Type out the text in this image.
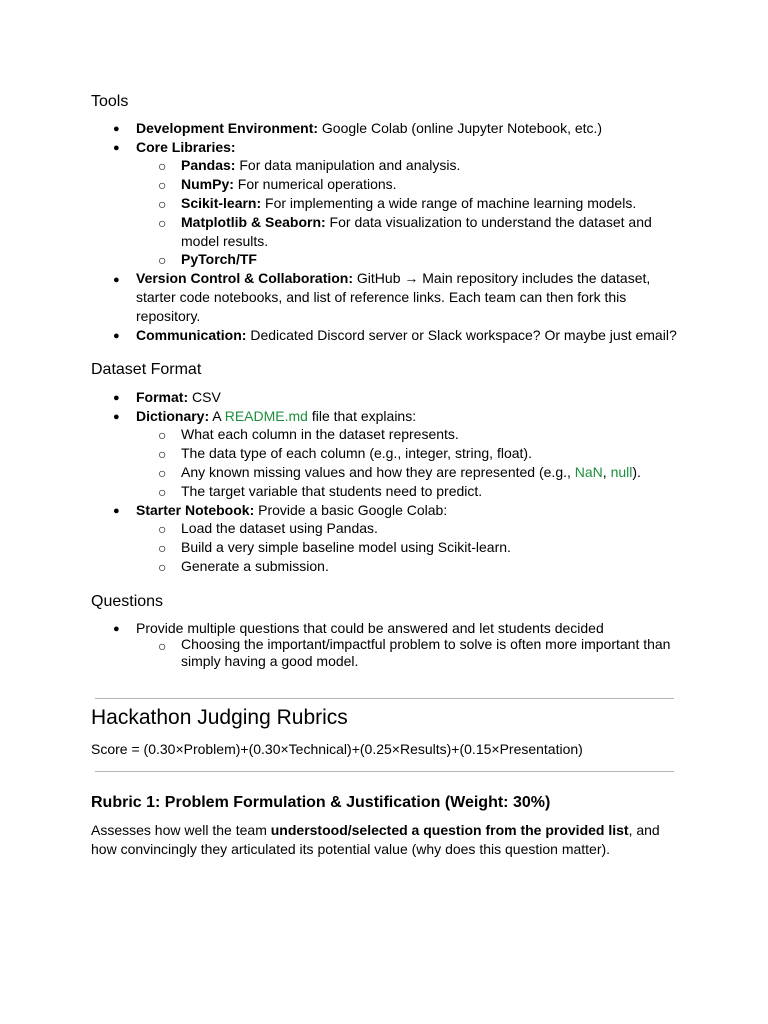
Tools
● Development Environment: Google Colab (online Jupyter Notebook, etc.)
● Core Libraries:
○ Pandas: For data manipulation and analysis.
○ NumPy: For numerical operations.
○ Scikit-learn: For implementing a wide range of machine learning models.
○ Matplotlib & Seaborn: For data visualization to understand the dataset and
model results.
○ PyTorch/TF
● Version Control & Collaboration: GitHub → Main repository includes the dataset,
starter code notebooks, and list of reference links. Each team can then fork this
repository.
● Communication: Dedicated Discord server or Slack workspace? Or maybe just email?
Dataset Format
● Format: CSV
● Dictionary: A README.md file that explains:
○ What each column in the dataset represents.
○ The data type of each column (e.g., integer, string, float).
○ Any known missing values and how they are represented (e.g., NaN, null).
○ The target variable that students need to predict.
● Starter Notebook: Provide a basic Google Colab:
○ Load the dataset using Pandas.
○ Build a very simple baseline model using Scikit-learn.
○ Generate a submission.
Questions
● Provide multiple questions that could be answered and let students decided
○ Choosing the important/impactful problem to solve is often more important than
simply having a good model.
Hackathon Judging Rubrics
Score = (0.30×Problem)+(0.30×Technical)+(0.25×Results)+(0.15×Presentation)
Rubric 1: Problem Formulation & Justification (Weight: 30%)
Assesses how well the team understood/selected a question from the provided list, and
how convincingly they articulated its potential value (why does this question matter).
